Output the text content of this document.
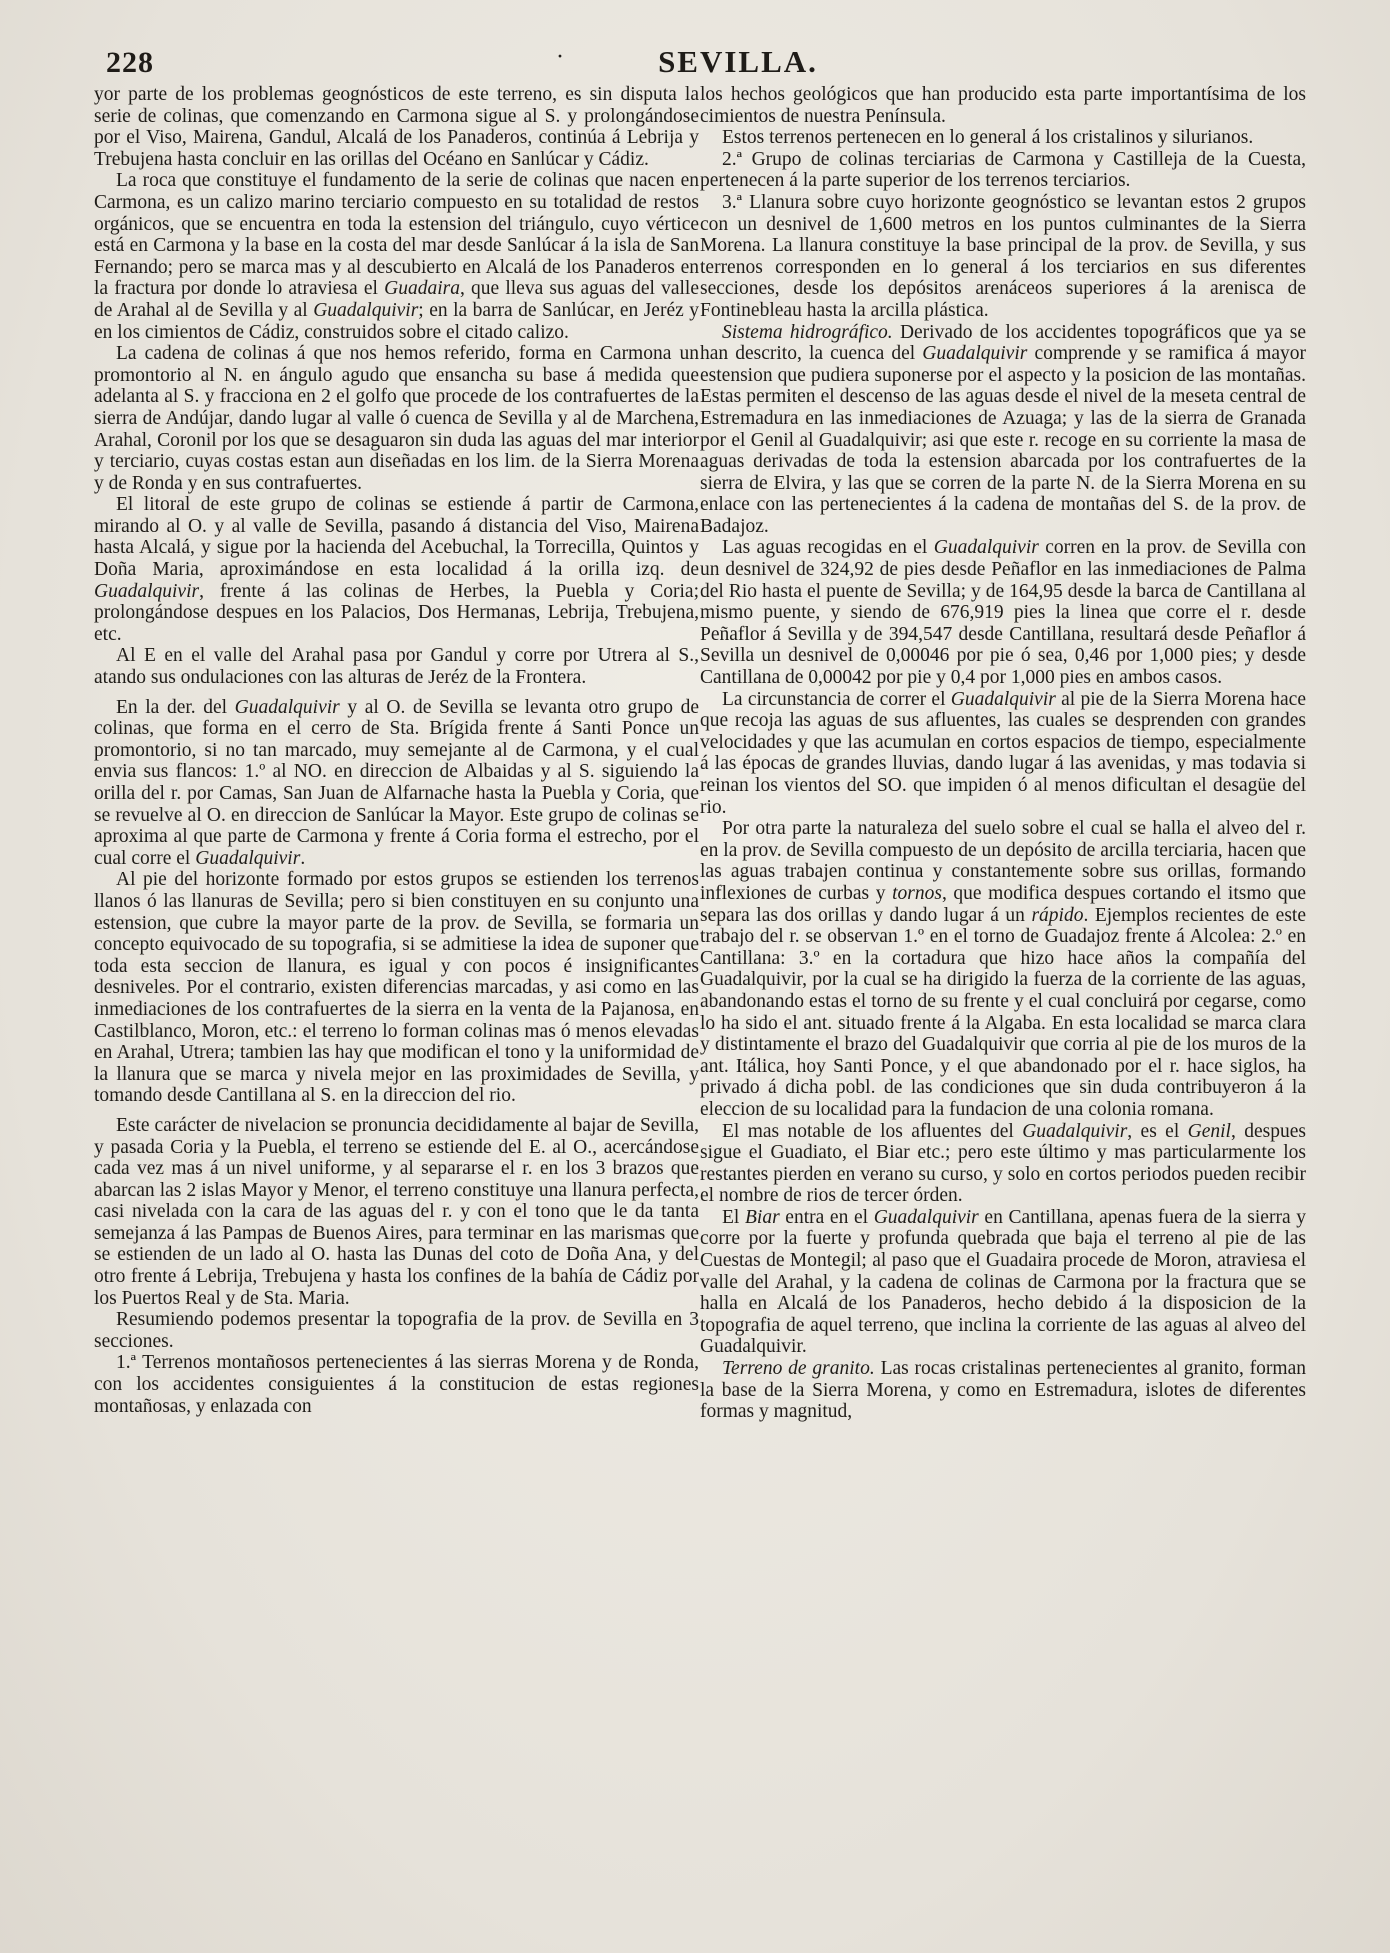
228	·	SEVILLA.

yor parte de los problemas geognósticos de este terreno, es sin disputa la serie de colinas, que comenzando en Carmona sigue al S. y prolongándose por el Viso, Mairena, Gandul, Alcalá de los Panaderos, continúa á Lebrija y Trebujena hasta concluir en las orillas del Océano en Sanlúcar y Cádiz.

La roca que constituye el fundamento de la serie de colinas que nacen en Carmona, es un calizo marino terciario compuesto en su totalidad de restos orgánicos, que se encuentra en toda la estension del triángulo, cuyo vértice está en Carmona y la base en la costa del mar desde Sanlúcar á la isla de San Fernando; pero se marca mas y al descubierto en Alcalá de los Panaderos en la fractura por donde lo atraviesa el Guadaira, que lleva sus aguas del valle de Arahal al de Sevilla y al Guadalquivir; en la barra de Sanlúcar, en Jeréz y en los cimientos de Cádiz, construidos sobre el citado calizo.

La cadena de colinas á que nos hemos referido, forma en Carmona un promontorio al N. en ángulo agudo que ensancha su base á medida que adelanta al S. y fracciona en 2 el golfo que procede de los contrafuertes de la sierra de Andújar, dando lugar al valle ó cuenca de Sevilla y al de Marchena, Arahal, Coronil por los que se desaguaron sin duda las aguas del mar interior y terciario, cuyas costas estan aun diseñadas en los lim. de la Sierra Morena y de Ronda y en sus contrafuertes.

El litoral de este grupo de colinas se estiende á partir de Carmona, mirando al O. y al valle de Sevilla, pasando á distancia del Viso, Mairena hasta Alcalá, y sigue por la hacienda del Acebuchal, la Torrecilla, Quintos y Doña Maria, aproximándose en esta localidad á la orilla izq. de Guadalquivir, frente á las colinas de Herbes, la Puebla y Coria; prolongándose despues en los Palacios, Dos Hermanas, Lebrija, Trebujena, etc.

Al E en el valle del Arahal pasa por Gandul y corre por Utrera al S., atando sus ondulaciones con las alturas de Jeréz de la Frontera.

En la der. del Guadalquivir y al O. de Sevilla se levanta otro grupo de colinas, que forma en el cerro de Sta. Brígida frente á Santi Ponce un promontorio, si no tan marcado, muy semejante al de Carmona, y el cual envia sus flancos: 1.º al NO. en direccion de Albaidas y al S. siguiendo la orilla del r. por Camas, San Juan de Alfarnache hasta la Puebla y Coria, que se revuelve al O. en direccion de Sanlúcar la Mayor. Este grupo de colinas se aproxima al que parte de Carmona y frente á Coria forma el estrecho, por el cual corre el Guadalquivir.

Al pie del horizonte formado por estos grupos se estienden los terrenos llanos ó las llanuras de Sevilla; pero si bien constituyen en su conjunto una estension, que cubre la mayor parte de la prov. de Sevilla, se formaria un concepto equivocado de su topografia, si se admitiese la idea de suponer que toda esta seccion de llanura, es igual y con pocos é insignificantes desniveles. Por el contrario, existen diferencias marcadas, y asi como en las inmediaciones de los contrafuertes de la sierra en la venta de la Pajanosa, en Castilblanco, Moron, etc.: el terreno lo forman colinas mas ó menos elevadas en Arahal, Utrera; tambien las hay que modifican el tono y la uniformidad de la llanura que se marca y nivela mejor en las proximidades de Sevilla, y tomando desde Cantillana al S. en la direccion del rio.

Este carácter de nivelacion se pronuncia decididamente al bajar de Sevilla, y pasada Coria y la Puebla, el terreno se estiende del E. al O., acercándose cada vez mas á un nivel uniforme, y al separarse el r. en los 3 brazos que abarcan las 2 islas Mayor y Menor, el terreno constituye una llanura perfecta, casi nivelada con la cara de las aguas del r. y con el tono que le da tanta semejanza á las Pampas de Buenos Aires, para terminar en las marismas que se estienden de un lado al O. hasta las Dunas del coto de Doña Ana, y del otro frente á Lebrija, Trebujena y hasta los confines de la bahía de Cádiz por los Puertos Real y de Sta. Maria.

Resumiendo podemos presentar la topografia de la prov. de Sevilla en 3 secciones.

1.ª Terrenos montañosos pertenecientes á las sierras Morena y de Ronda, con los accidentes consiguientes á la constitucion de estas regiones montañosas, y enlazada con

los hechos geológicos que han producido esta parte importantísima de los cimientos de nuestra Península.

Estos terrenos pertenecen en lo general á los cristalinos y silurianos.

2.ª Grupo de colinas terciarias de Carmona y Castilleja de la Cuesta, pertenecen á la parte superior de los terrenos terciarios.

3.ª Llanura sobre cuyo horizonte geognóstico se levantan estos 2 grupos con un desnivel de 1,600 metros en los puntos culminantes de la Sierra Morena. La llanura constituye la base principal de la prov. de Sevilla, y sus terrenos corresponden en lo general á los terciarios en sus diferentes secciones, desde los depósitos arenáceos superiores á la arenisca de Fontinebleau hasta la arcilla plástica.

Sistema hidrográfico. Derivado de los accidentes topográficos que ya se han descrito, la cuenca del Guadalquivir comprende y se ramifica á mayor estension que pudiera suponerse por el aspecto y la posicion de las montañas. Estas permiten el descenso de las aguas desde el nivel de la meseta central de Estremadura en las inmediaciones de Azuaga; y las de la sierra de Granada por el Genil al Guadalquivir; asi que este r. recoge en su corriente la masa de aguas derivadas de toda la estension abarcada por los contrafuertes de la sierra de Elvira, y las que se corren de la parte N. de la Sierra Morena en su enlace con las pertenecientes á la cadena de montañas del S. de la prov. de Badajoz.

Las aguas recogidas en el Guadalquivir corren en la prov. de Sevilla con un desnivel de 324,92 de pies desde Peñaflor en las inmediaciones de Palma del Rio hasta el puente de Sevilla; y de 164,95 desde la barca de Cantillana al mismo puente, y siendo de 676,919 pies la linea que corre el r. desde Peñaflor á Sevilla y de 394,547 desde Cantillana, resultará desde Peñaflor á Sevilla un desnivel de 0,00046 por pie ó sea, 0,46 por 1,000 pies; y desde Cantillana de 0,00042 por pie y 0,4 por 1,000 pies en ambos casos.

La circunstancia de correr el Guadalquivir al pie de la Sierra Morena hace que recoja las aguas de sus afluentes, las cuales se desprenden con grandes velocidades y que las acumulan en cortos espacios de tiempo, especialmente á las épocas de grandes lluvias, dando lugar á las avenidas, y mas todavia si reinan los vientos del SO. que impiden ó al menos dificultan el desagüe del rio.

Por otra parte la naturaleza del suelo sobre el cual se halla el alveo del r. en la prov. de Sevilla compuesto de un depósito de arcilla terciaria, hacen que las aguas trabajen continua y constantemente sobre sus orillas, formando inflexiones de curbas y tornos, que modifica despues cortando el itsmo que separa las dos orillas y dando lugar á un rápido. Ejemplos recientes de este trabajo del r. se observan 1.º en el torno de Guadajoz frente á Alcolea: 2.º en Cantillana: 3.º en la cortadura que hizo hace años la compañía del Guadalquivir, por la cual se ha dirigido la fuerza de la corriente de las aguas, abandonando estas el torno de su frente y el cual concluirá por cegarse, como lo ha sido el ant. situado frente á la Algaba. En esta localidad se marca clara y distintamente el brazo del Guadalquivir que corria al pie de los muros de la ant. Itálica, hoy Santi Ponce, y el que abandonado por el r. hace siglos, ha privado á dicha pobl. de las condiciones que sin duda contribuyeron á la eleccion de su localidad para la fundacion de una colonia romana.

El mas notable de los afluentes del Guadalquivir, es el Genil, despues sigue el Guadiato, el Biar etc.; pero este último y mas particularmente los restantes pierden en verano su curso, y solo en cortos periodos pueden recibir el nombre de rios de tercer órden.

El Biar entra en el Guadalquivir en Cantillana, apenas fuera de la sierra y corre por la fuerte y profunda quebrada que baja el terreno al pie de las Cuestas de Montegil; al paso que el Guadaira procede de Moron, atraviesa el valle del Arahal, y la cadena de colinas de Carmona por la fractura que se halla en Alcalá de los Panaderos, hecho debido á la disposicion de la topografia de aquel terreno, que inclina la corriente de las aguas al alveo del Guadalquivir.

Terreno de granito. Las rocas cristalinas pertenecientes al granito, forman la base de la Sierra Morena, y como en Estremadura, islotes de diferentes formas y magnitud,
